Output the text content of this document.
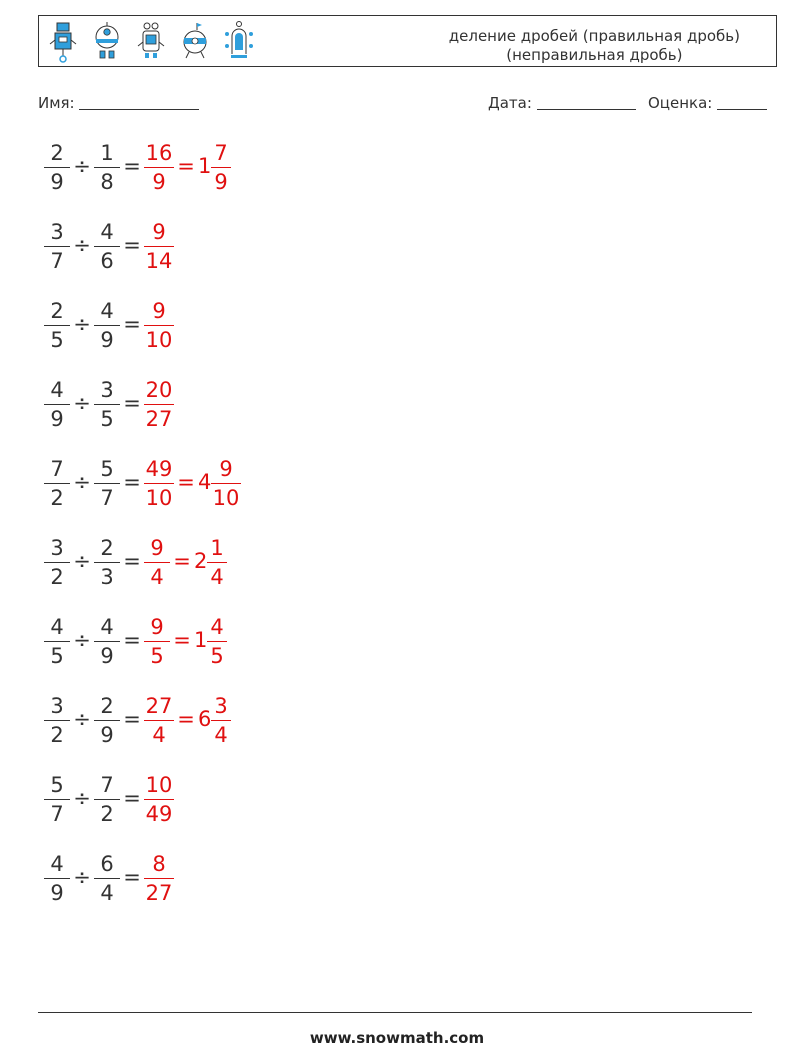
деление дробей (правильная дробь)
(неправильная дробь)
Имя:	Дата:	Оценка:
2
9
÷
1
8
=
16
9
= 1
7
9
3
7
÷
4
6
=
9
14
2
5
÷
4
9
=
9
10
4
9
÷
3
5
=
20
27
7
2
÷
5
7
=
49
10
= 4
9
10
3
2
÷
2
3
=
9
4
= 2
1
4
4
5
÷
4
9
=
9
5
= 1
4
5
3
2
÷
2
9
=
27
4
= 6
3
4
5
7
÷
7
2
=
10
49
4
9
÷
6
4
=
8
27
www.snowmath.com
